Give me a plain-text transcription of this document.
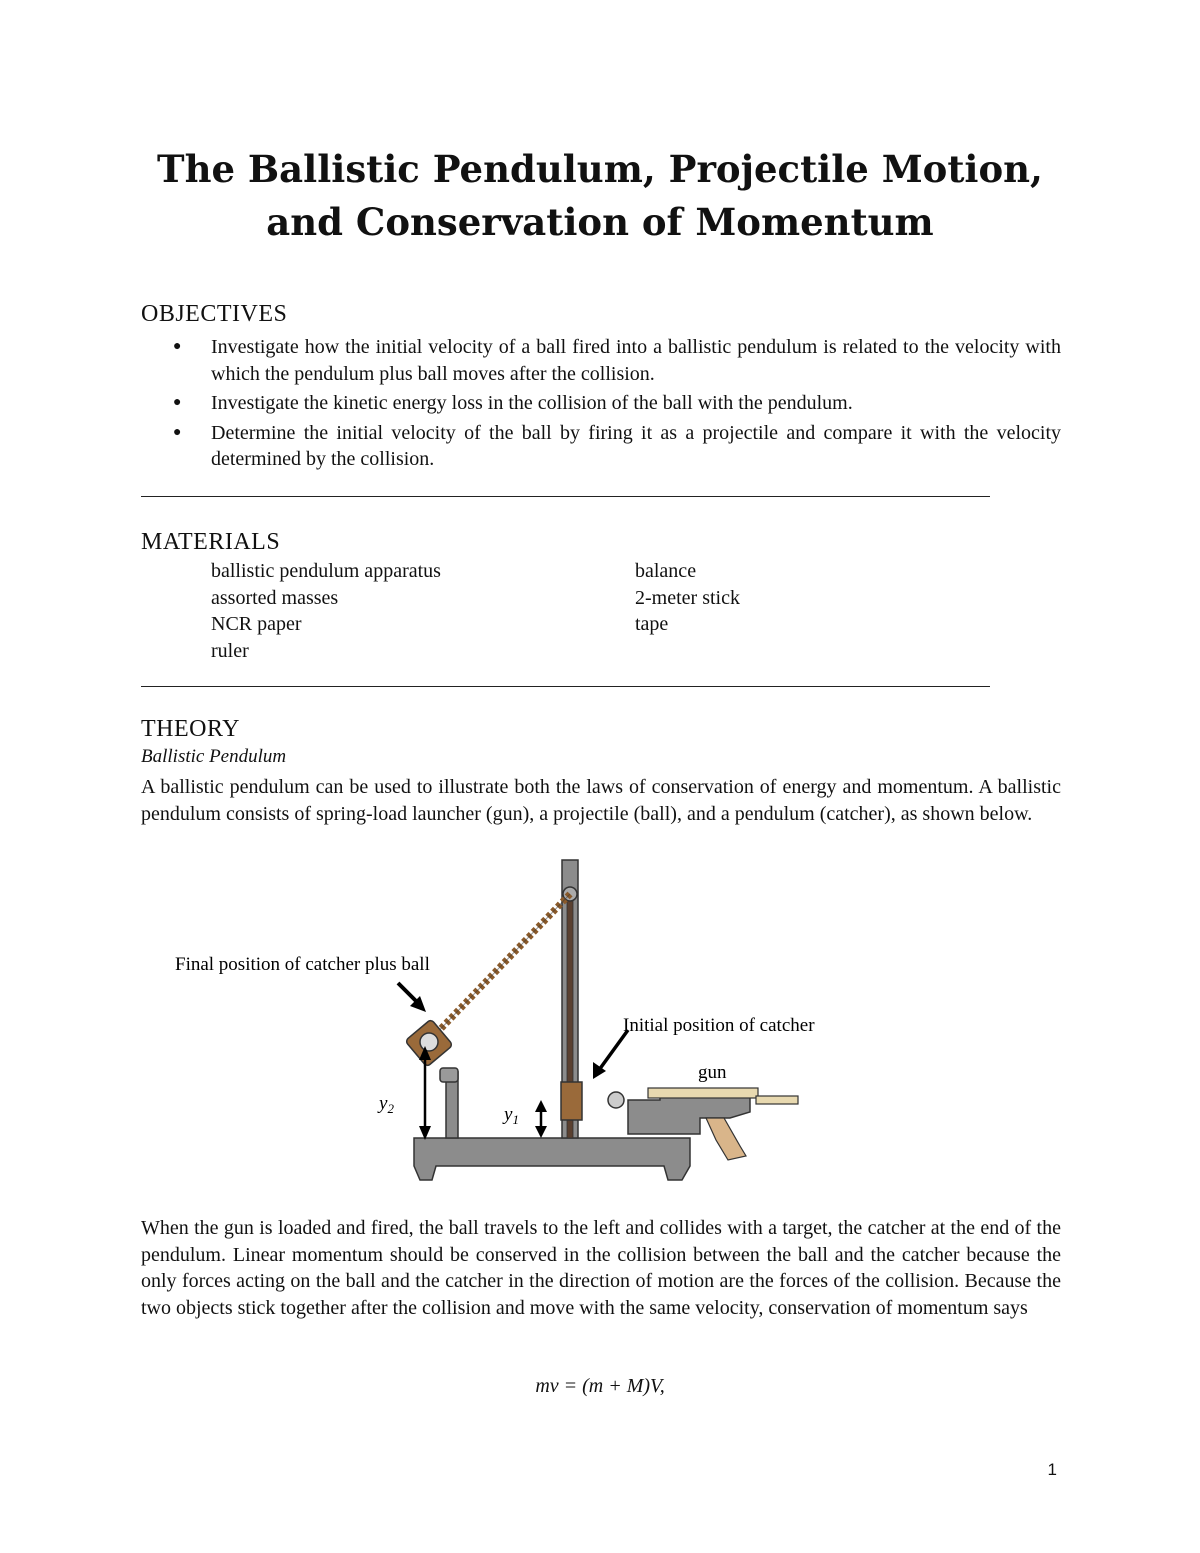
The Ballistic Pendulum, Projectile Motion,
and Conservation of Momentum
OBJECTIVES
● Investigate how the initial velocity of a ball fired into a ballistic pendulum is related to the velocity with which the pendulum plus ball moves after the collision.
● Investigate the kinetic energy loss in the collision of the ball with the pendulum.
● Determine the initial velocity of the ball by firing it as a projectile and compare it with the velocity determined by the collision.
MATERIALS
ballistic pendulum apparatus
assorted masses
NCR paper
ruler
balance
2-meter stick
tape
THEORY
Ballistic Pendulum
A ballistic pendulum can be used to illustrate both the laws of conservation of energy and momentum. A ballistic pendulum consists of spring-load launcher (gun), a projectile (ball), and a pendulum (catcher), as shown below.
Final position of catcher plus ball
Initial position of catcher
gun
$y_2$	$y_1$
When the gun is loaded and fired, the ball travels to the left and collides with a target, the catcher at the end of the pendulum. Linear momentum should be conserved in the collision between the ball and the catcher because the only forces acting on the ball and the catcher in the direction of motion are the forces of the collision. Because the two objects stick together after the collision and move with the same velocity, conservation of momentum says
mv = (m + M)V,
1
